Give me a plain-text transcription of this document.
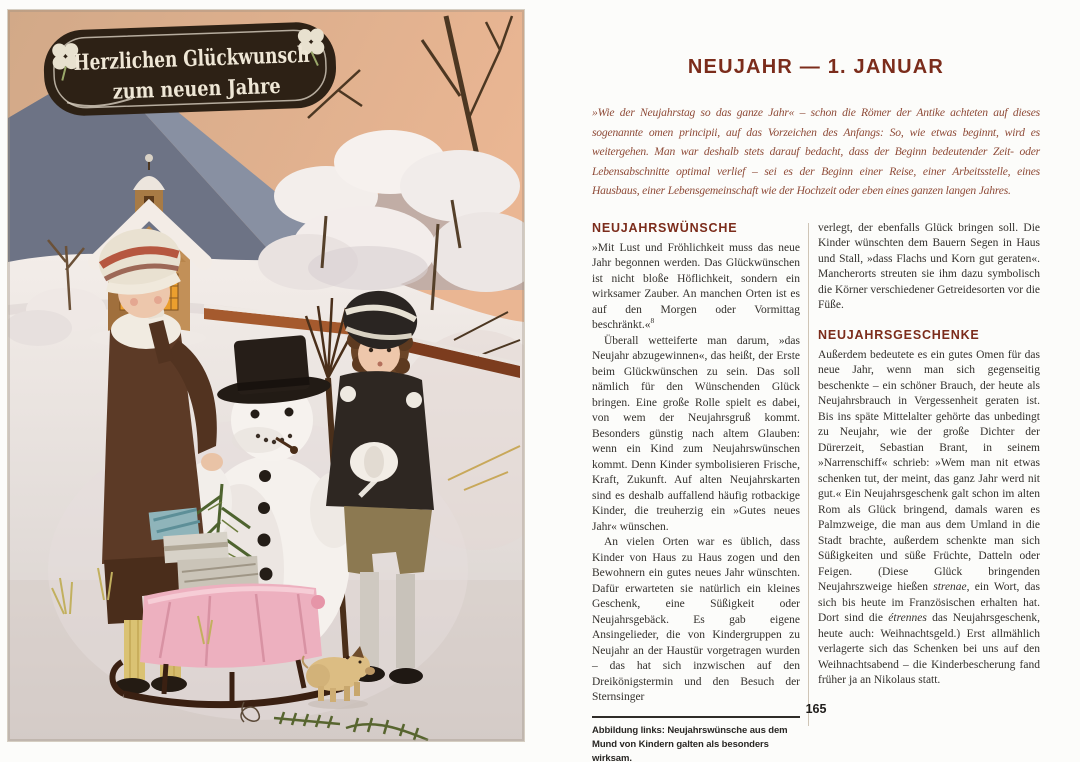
Herzlichen Glückwunsch
zum neuen Jahre
NEUJAHR — 1. JANUAR

»Wie der Neujahrstag so das ganze Jahr« – schon die Römer der Antike achteten auf dieses sogenannte omen principii, auf das Vorzeichen des Anfangs: So, wie etwas beginnt, wird es weitergehen. Man war deshalb stets darauf bedacht, dass der Beginn bedeutender Zeit- oder Lebensabschnitte optimal verlief – sei es der Beginn einer Reise, einer Arbeitsstelle, eines Hausbaus, einer Lebensgemeinschaft wie der Hochzeit oder eben eines ganzen langen Jahres.

NEUJAHRSWÜNSCHE

»Mit Lust und Fröhlichkeit muss das neue Jahr begonnen werden. Das Glückwünschen ist nicht bloße Höflichkeit, sondern ein wirksamer Zauber. An manchen Orten ist es auf den Morgen oder Vormittag beschränkt.«$^8$

Überall wetteiferte man darum, »das Neujahr abzugewinnen«, das heißt, der Erste beim Glückwünschen zu sein. Das soll nämlich für den Wünschenden Glück bringen. Eine große Rolle spielt es dabei, von wem der Neujahrsgruß kommt. Besonders günstig nach altem Glauben: wenn ein Kind zum Neujahrswünschen kommt. Denn Kinder symbolisieren Frische, Kraft, Zukunft. Auf alten Neujahrskarten sind es deshalb auffallend häufig rotbackige Kinder, die treuherzig ein »Gutes neues Jahr« wünschen.

An vielen Orten war es üblich, dass Kinder von Haus zu Haus zogen und den Bewohnern ein gutes neues Jahr wünschten. Dafür erwarteten sie natürlich ein kleines Geschenk, eine Süßigkeit oder Neujahrsgebäck. Es gab eigene Ansingelieder, die von Kindergruppen zu Neujahr an der Haustür vorgetragen wurden – das hat sich inzwischen auf den Dreikönigstermin und den Besuch der Sternsinger

Abbildung links: Neujahrswünsche aus dem Mund von Kindern galten als besonders wirksam.

verlegt, der ebenfalls Glück bringen soll. Die Kinder wünschten dem Bauern Segen in Haus und Stall, »dass Flachs und Korn gut geraten«. Mancherorts streuten sie ihm dazu symbolisch die Körner verschiedener Getreidesorten vor die Füße.

NEUJAHRSGESCHENKE

Außerdem bedeutete es ein gutes Omen für das neue Jahr, wenn man sich gegenseitig beschenkte – ein schöner Brauch, der heute als Neujahrsbrauch in Vergessenheit geraten ist. Bis ins späte Mittelalter gehörte das unbedingt zu Neujahr, wie der große Dichter der Dürerzeit, Sebastian Brant, in seinem »Narrenschiff« schrieb: »Wem man nit etwas schenken tut, der meint, das ganz Jahr werd nit gut.« Ein Neujahrsgeschenk galt schon im alten Rom als Glück bringend, damals waren es Palmzweige, die man aus dem Umland in die Stadt brachte, außerdem schenkte man sich Süßigkeiten und süße Früchte, Datteln oder Feigen. (Diese Glück bringenden Neujahrszweige hießen strenae, ein Wort, das sich bis heute im Französischen erhalten hat. Dort sind die étrennes das Neujahrsgeschenk, heute auch: Weihnachtsgeld.) Erst allmählich verlagerte sich das Schenken bei uns auf den Weihnachtsabend – die Kinderbescherung fand früher ja an Nikolaus statt.

165
